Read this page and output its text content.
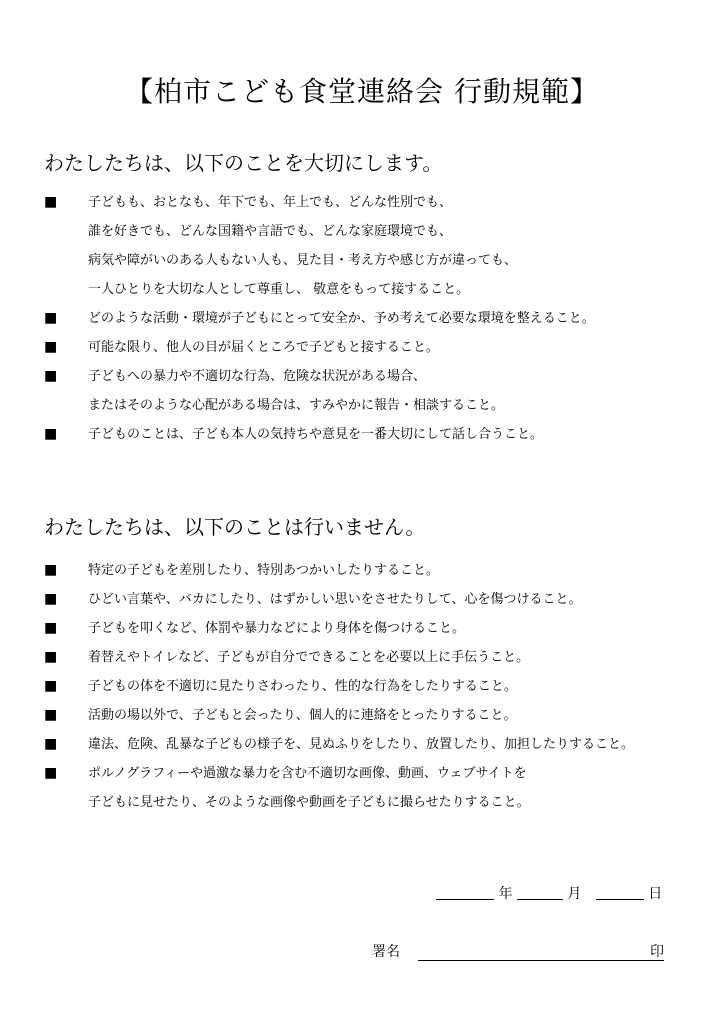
【柏市こども食堂連絡会 行動規範】
わたしたちは、以下のことを大切にします。
■ 子どもも、おとなも、年下でも、年上でも、どんな性別でも、
誰を好きでも、どんな国籍や言語でも、どんな家庭環境でも、
病気や障がいのある人もない人も、見た目・考え方や感じ方が違っても、
一人ひとりを大切な人として尊重し、 敬意をもって接すること。
■ どのような活動・環境が子どもにとって安全か、予め考えて必要な環境を整えること。
■ 可能な限り、他人の目が届くところで子どもと接すること。
■ 子どもへの暴力や不適切な行為、危険な状況がある場合、
またはそのような心配がある場合は、すみやかに報告・相談すること。
■ 子どものことは、子ども本人の気持ちや意見を一番大切にして話し合うこと。
わたしたちは、以下のことは行いません。
■ 特定の子どもを差別したり、特別あつかいしたりすること。
■ ひどい言葉や、バカにしたり、はずかしい思いをさせたりして、心を傷つけること。
■ 子どもを叩くなど、体罰や暴力などにより身体を傷つけること。
■ 着替えやトイレなど、子どもが自分でできることを必要以上に手伝うこと。
■ 子どもの体を不適切に見たりさわったり、性的な行為をしたりすること。
■ 活動の場以外で、子どもと会ったり、個人的に連絡をとったりすること。
■ 違法、危険、乱暴な子どもの様子を、見ぬふりをしたり、放置したり、加担したりすること。
■ ポルノグラフィーや過激な暴力を含む不適切な画像、動画、ウェブサイトを
子どもに見せたり、そのような画像や動画を子どもに撮らせたりすること。
年	月	日
署名	印
